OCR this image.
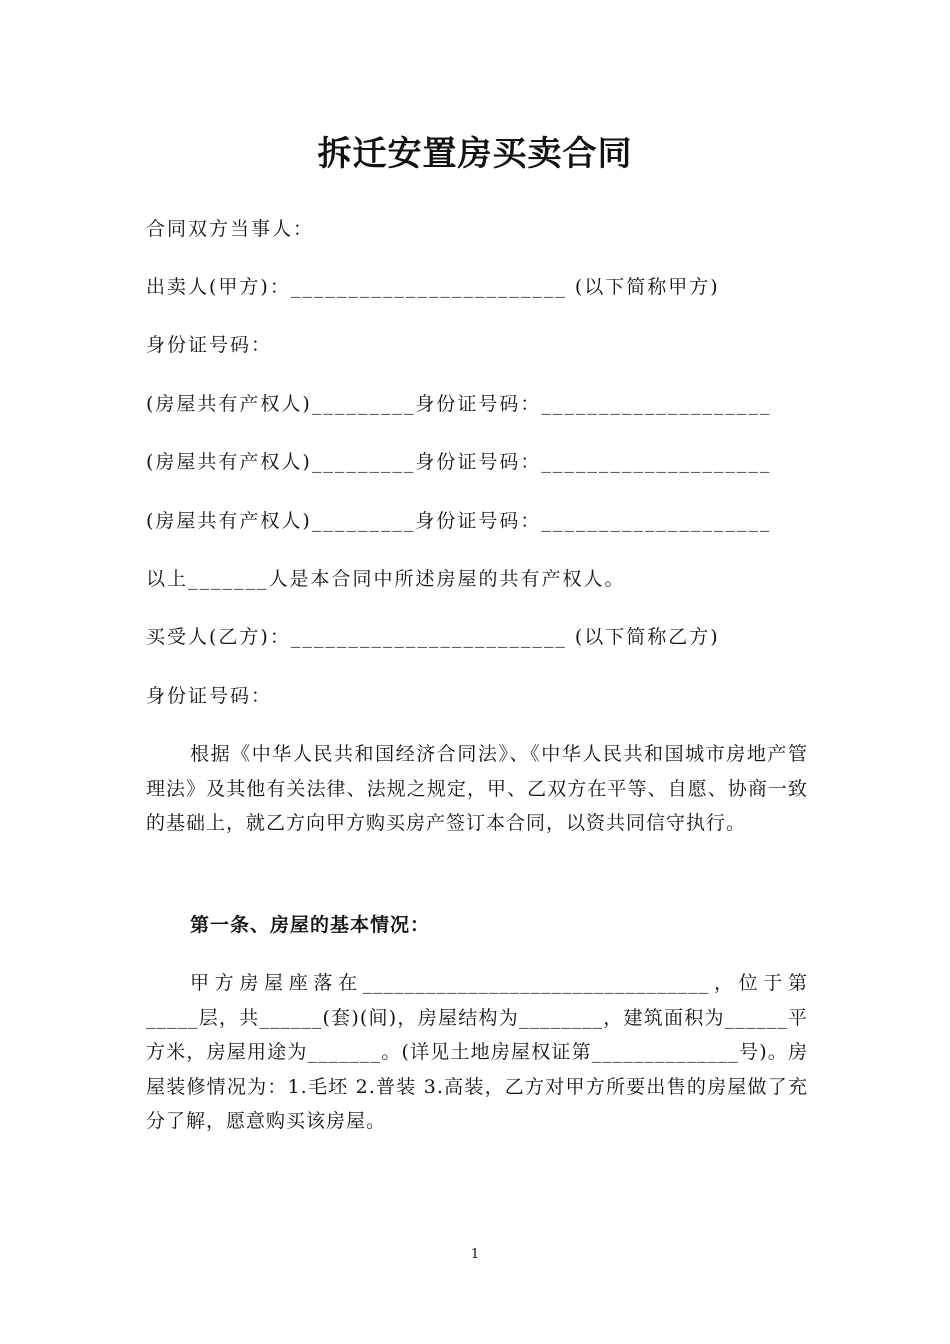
拆迁安置房买卖合同

合同双方当事人：

出卖人(甲方)：________________________ (以下简称甲方)

身份证号码：

(房屋共有产权人)_________身份证号码：____________________

(房屋共有产权人)_________身份证号码：____________________

(房屋共有产权人)_________身份证号码：____________________

以上_______人是本合同中所述房屋的共有产权人。

买受人(乙方)：________________________ (以下简称乙方)

身份证号码：

根据《中华人民共和国经济合同法》、《中华人民共和国城市房地产管理法》及其他有关法律、法规之规定，甲、乙双方在平等、自愿、协商一致的基础上，就乙方向甲方购买房产签订本合同，以资共同信守执行。

第一条、房屋的基本情况：

甲方房屋座落在_________________________________，位于第_____层，共______(套)(间)，房屋结构为________，建筑面积为______平方米，房屋用途为_______。(详见土地房屋权证第______________号)。房屋装修情况为：1.毛坯 2.普装 3.高装，乙方对甲方所要出售的房屋做了充分了解，愿意购买该房屋。

1
